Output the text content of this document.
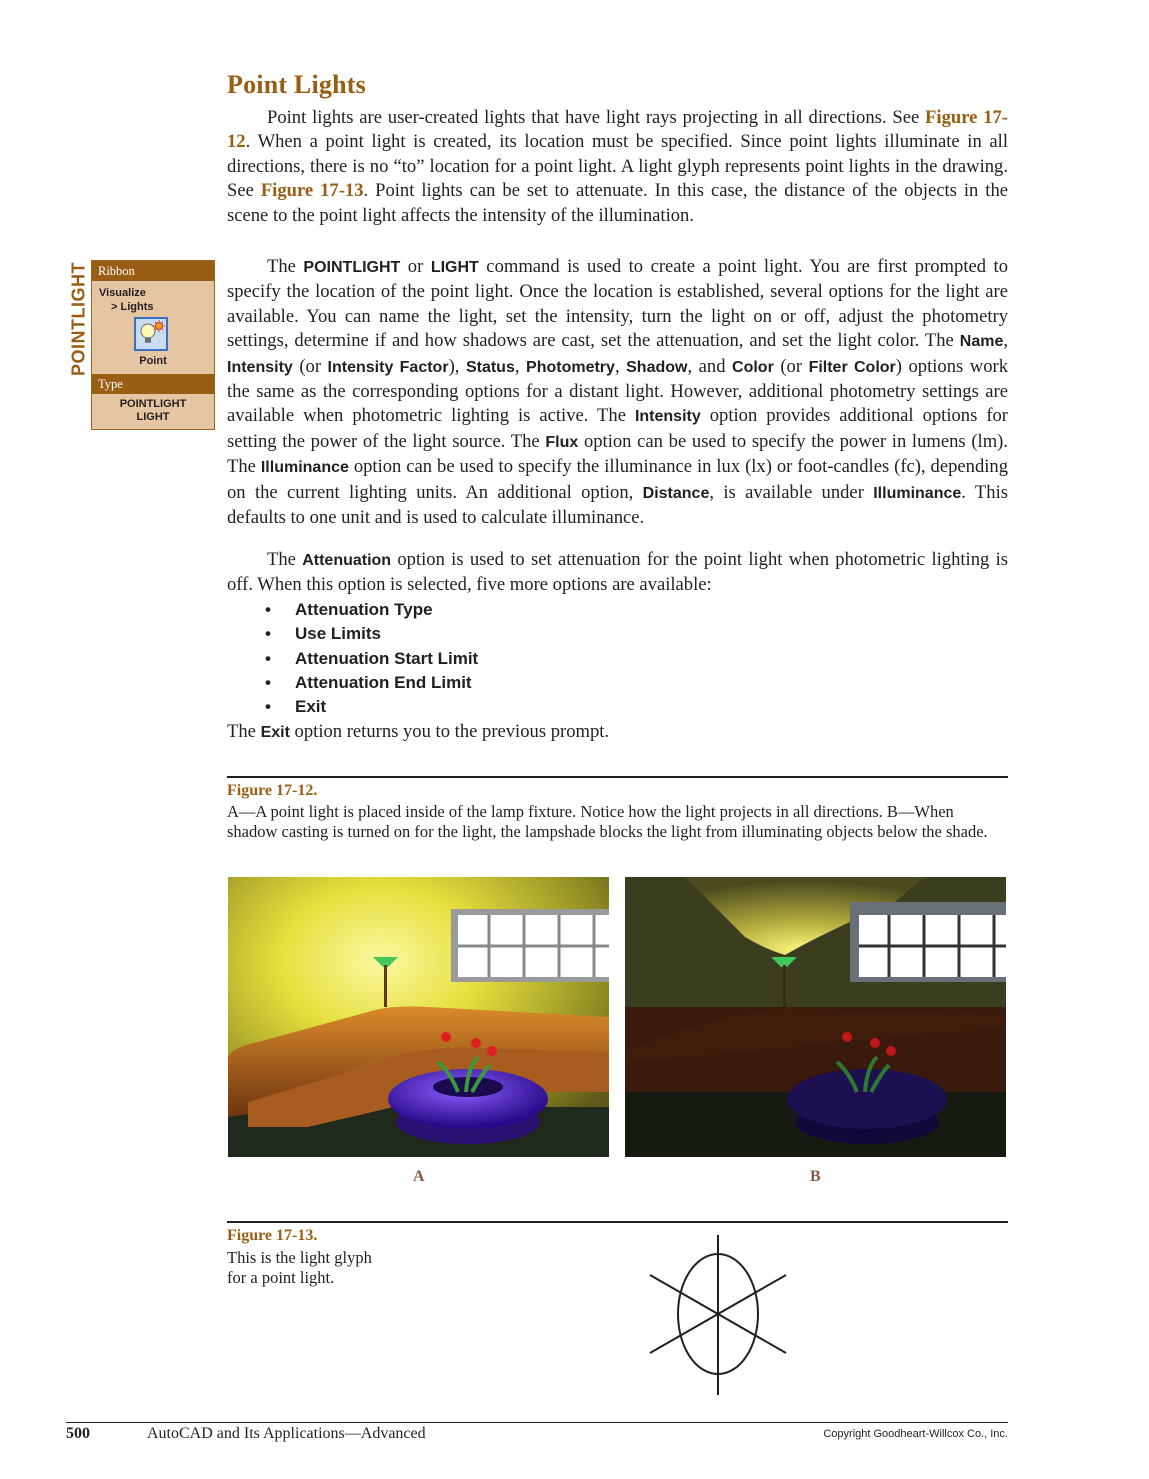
Point Lights

Point lights are user-created lights that have light rays projecting in all directions. See Figure 17-12. When a point light is created, its location must be specified. Since point lights illuminate in all directions, there is no “to” location for a point light. A light glyph represents point lights in the drawing. See Figure 17-13. Point lights can be set to attenuate. In this case, the distance of the objects in the scene to the point light affects the intensity of the illumination.

The POINTLIGHT or LIGHT command is used to create a point light. You are first prompted to specify the location of the point light. Once the location is established, several options for the light are available. You can name the light, set the intensity, turn the light on or off, adjust the photometry settings, determine if and how shadows are cast, set the attenuation, and set the light color. The Name, Intensity (or Intensity Factor), Status, Photometry, Shadow, and Color (or Filter Color) options work the same as the corresponding options for a distant light. However, additional photometry settings are available when photometric lighting is active. The Intensity option provides additional options for setting the power of the light source. The Flux option can be used to specify the power in lumens (lm). The Illuminance option can be used to specify the illuminance in lux (lx) or foot-candles (fc), depending on the current lighting units. An additional option, Distance, is available under Illuminance. This defaults to one unit and is used to calculate illuminance.

The Attenuation option is used to set attenuation for the point light when photometric lighting is off. When this option is selected, five more options are available:

• Attenuation Type
• Use Limits
• Attenuation Start Limit
• Attenuation End Limit
• Exit

The Exit option returns you to the previous prompt.

POINTLIGHT Ribbon
Visualize
> Lights
Point
Type
POINTLIGHT
LIGHT
Figure 17-12.
A—A point light is placed inside of the lamp fixture. Notice how the light projects in all directions. B—When shadow casting is turned on for the light, the lampshade blocks the light from illuminating objects below the shade.
A	B
Figure 17-13.
This is the light glyph for a point light.
500	AutoCAD and Its Applications—Advanced	Copyright Goodheart-Willcox Co., Inc.
